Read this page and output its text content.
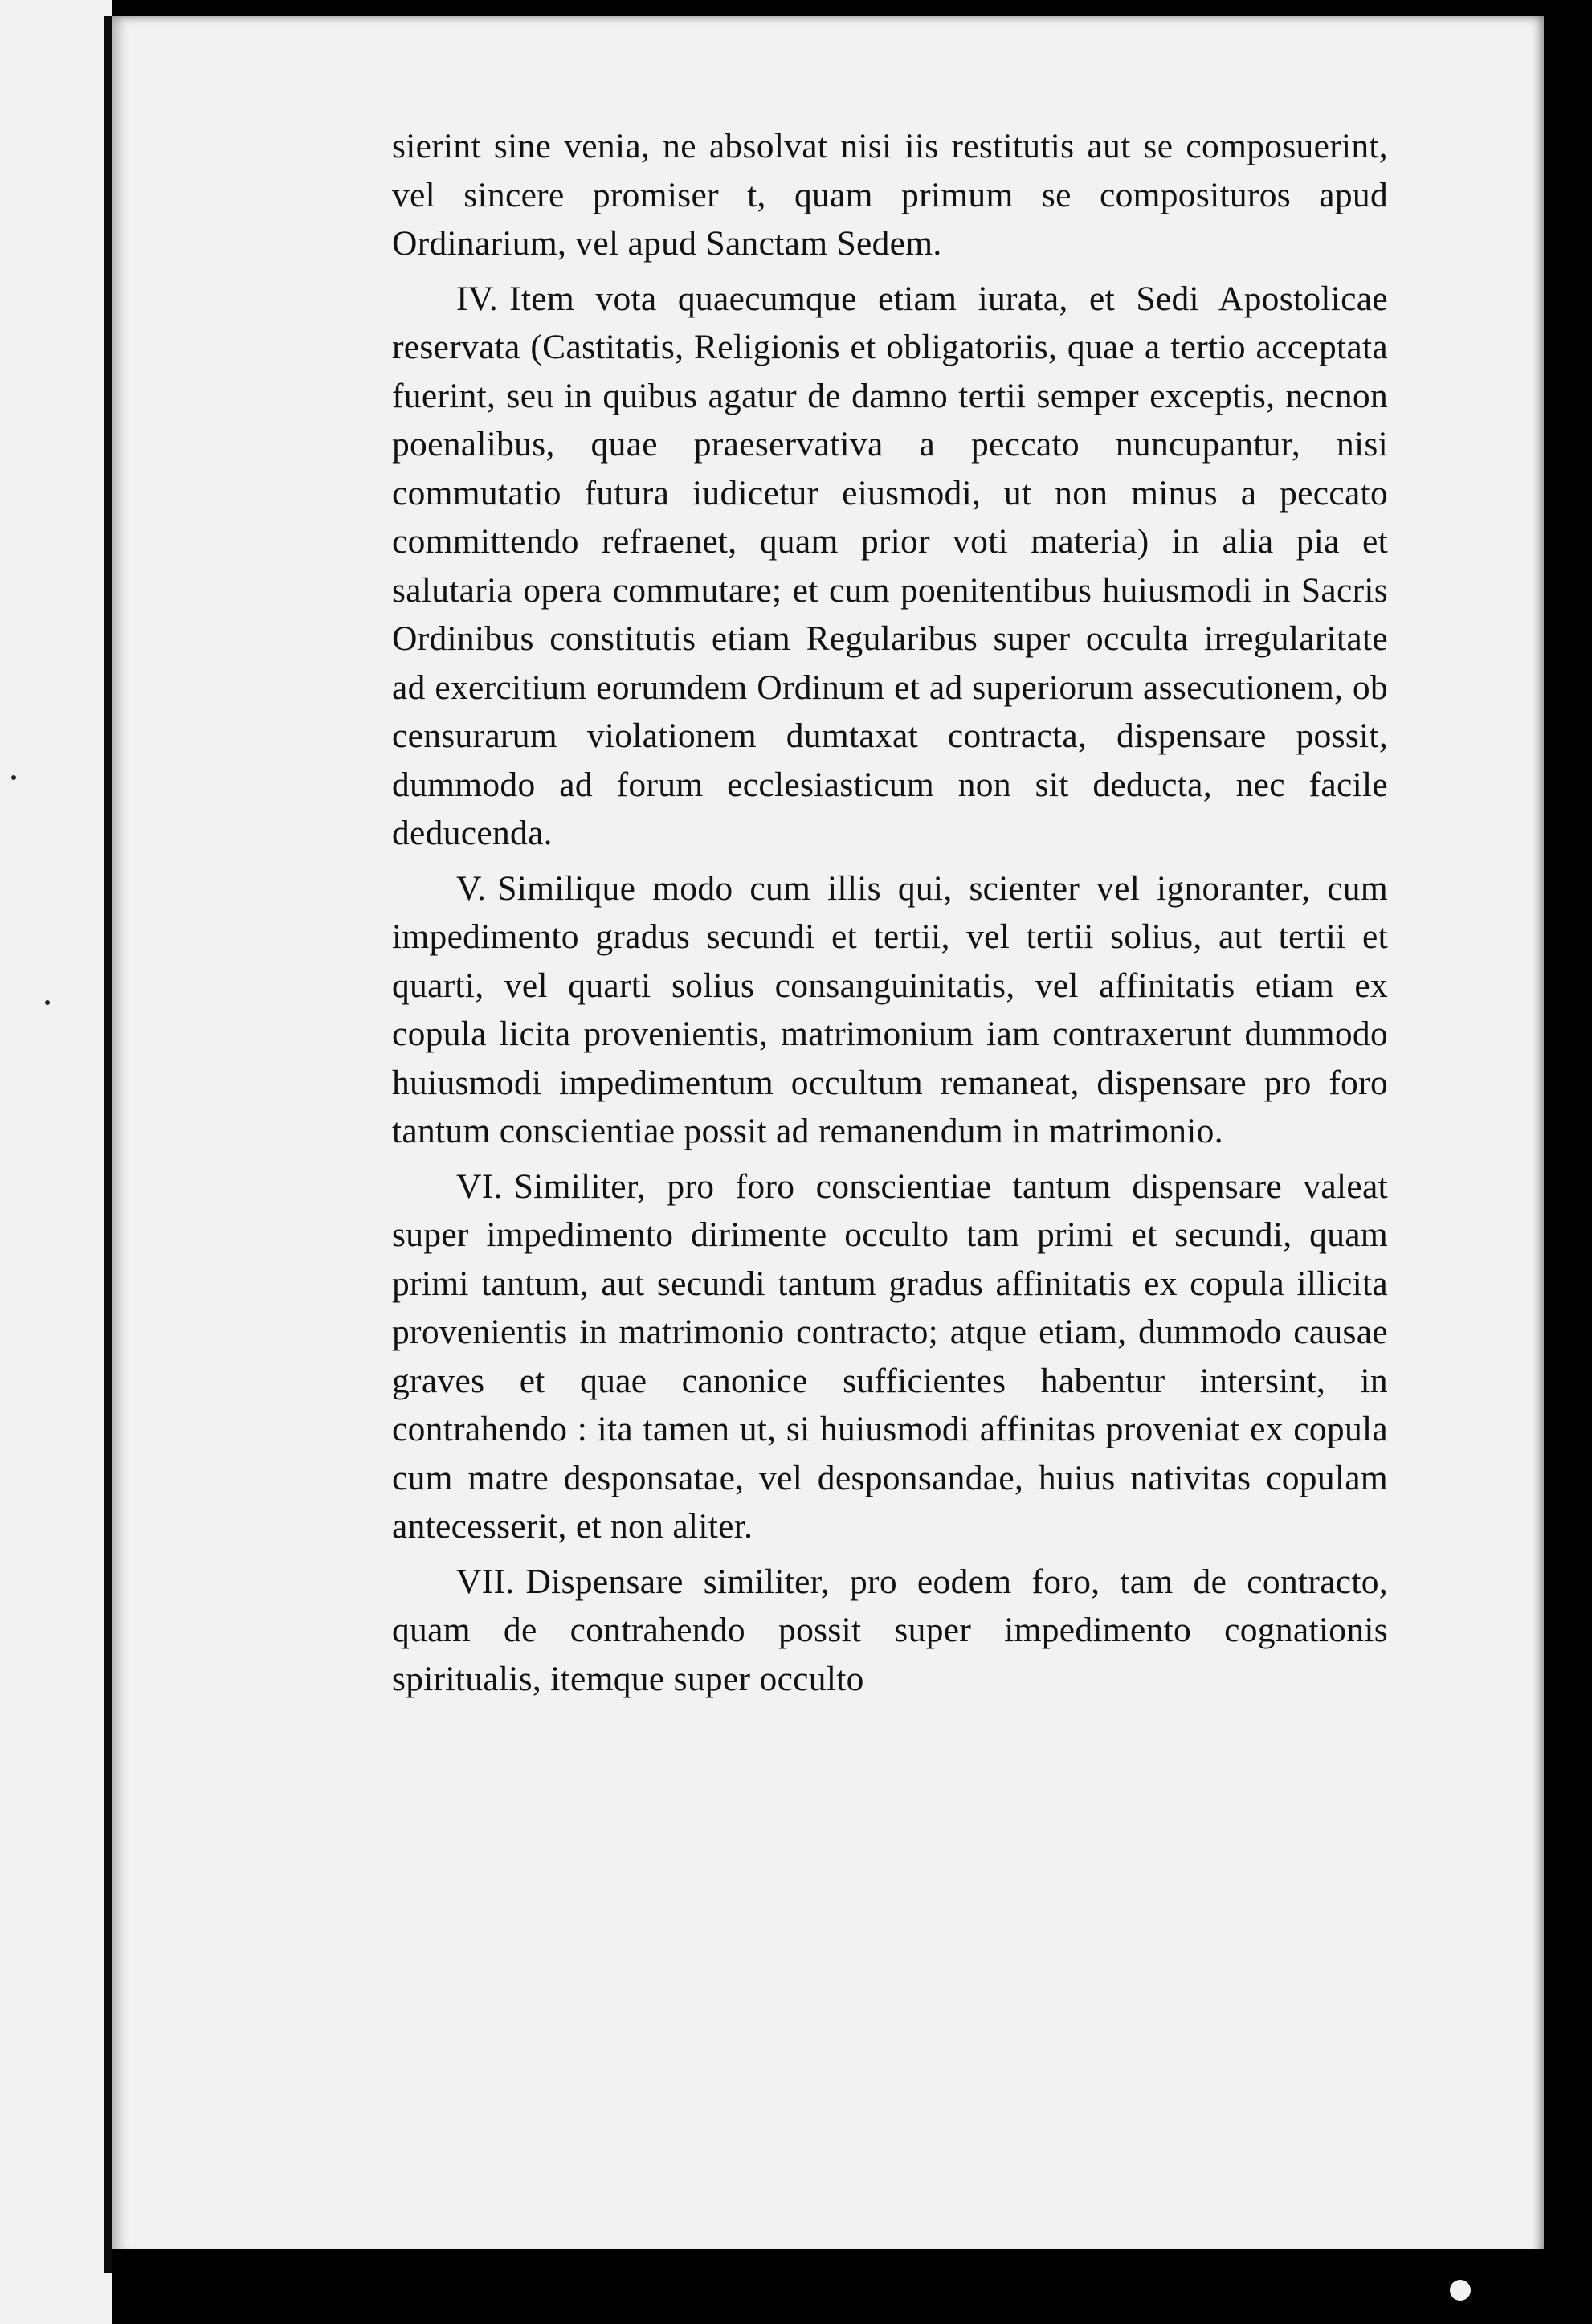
sierint sine venia, ne absolvat nisi iis restitutis aut se composuerint, vel sincere promiser t, quam primum se composituros apud Ordinarium, vel apud Sanctam Sedem.

IV. Item vota quaecumque etiam iurata, et Sedi Apostolicae reservata (Castitatis, Religionis et obligatoriis, quae a tertio acceptata fuerint, seu in quibus agatur de damno tertii semper exceptis, necnon poenalibus, quae praeservativa a peccato nuncupantur, nisi commutatio futura iudicetur eiusmodi, ut non minus a peccato committendo refraenet, quam prior voti materia) in alia pia et salutaria opera commutare; et cum poenitentibus huiusmodi in Sacris Ordinibus constitutis etiam Regularibus super occulta irregularitate ad exercitium eorumdem Ordinum et ad superiorum assecutionem, ob censurarum violationem dumtaxat contracta, dispensare possit, dummodo ad forum ecclesiasticum non sit deducta, nec facile deducenda.

V. Similique modo cum illis qui, scienter vel ignoranter, cum impedimento gradus secundi et tertii, vel tertii solius, aut tertii et quarti, vel quarti solius consanguinitatis, vel affinitatis etiam ex copula licita provenientis, matrimonium iam contraxerunt dummodo huiusmodi impedimentum occultum remaneat, dispensare pro foro tantum conscientiae possit ad remanendum in matrimonio.

VI. Similiter, pro foro conscientiae tantum dispensare valeat super impedimento dirimente occulto tam primi et secundi, quam primi tantum, aut secundi tantum gradus affinitatis ex copula illicita provenientis in matrimonio contracto; atque etiam, dummodo causae graves et quae canonice sufficientes habentur intersint, in contrahendo : ita tamen ut, si huiusmodi affinitas proveniat ex copula cum matre desponsatae, vel desponsandae, huius nativitas copulam antecesserit, et non aliter.

VII. Dispensare similiter, pro eodem foro, tam de contracto, quam de contrahendo possit super impedimento cognationis spiritualis, itemque super occulto
